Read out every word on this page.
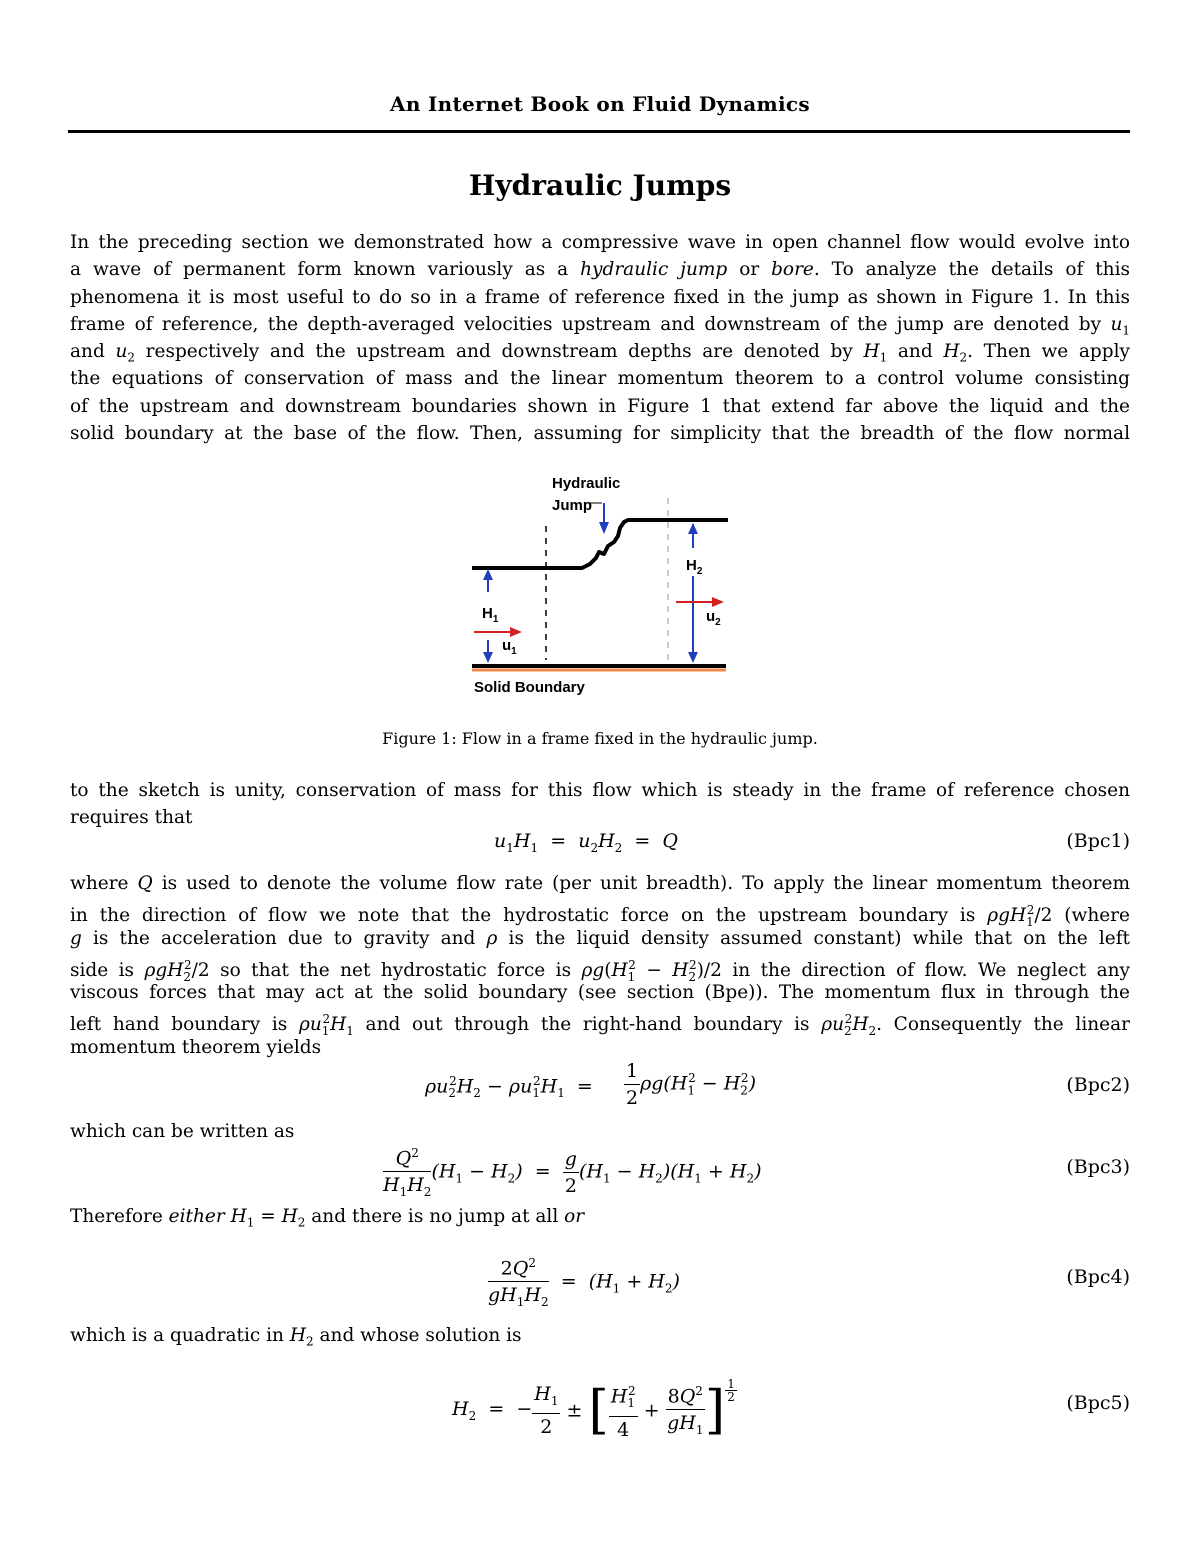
An Internet Book on Fluid Dynamics
Hydraulic Jumps
In the preceding section we demonstrated how a compressive wave in open channel flow would evolve into
a wave of permanent form known variously as a hydraulic jump or bore. To analyze the details of this
phenomena it is most useful to do so in a frame of reference fixed in the jump as shown in Figure 1. In this
frame of reference, the depth-averaged velocities upstream and downstream of the jump are denoted by $u_1$
and $u_2$ respectively and the upstream and downstream depths are denoted by $H_1$ and $H_2$. Then we apply
the equations of conservation of mass and the linear momentum theorem to a control volume consisting
of the upstream and downstream boundaries shown in Figure 1 that extend far above the liquid and the
solid boundary at the base of the flow. Then, assuming for simplicity that the breadth of the flow normal
Hydraulic
Jump
$H_1$
$u_1$
$H_2$
$u_2$
Solid Boundary
Figure 1: Flow in a frame fixed in the hydraulic jump.
to the sketch is unity, conservation of mass for this flow which is steady in the frame of reference chosen
requires that
$u_1H_1 = u_2H_2 = Q$	(Bpc1)
where Q is used to denote the volume flow rate (per unit breadth). To apply the linear momentum theorem
in the direction of flow we note that the hydrostatic force on the upstream boundary is ρgH$_1^2$/2 (where
g is the acceleration due to gravity and ρ is the liquid density assumed constant) while that on the left
side is ρgH$_2^2$/2 so that the net hydrostatic force is $\rho g(H_1^2 - H_2^2)/2$ in the direction of flow. We neglect any
viscous forces that may act at the solid boundary (see section (Bpe)). The momentum flux in through the
left hand boundary is $\rho u_1^2H_1$ and out through the right-hand boundary is $\rho u_2^2H_2$. Consequently the linear
momentum theorem yields
$\rho u_2^2H_2 - \rho u_1^2H_1 = \frac{1}{2} \rho g(H_1^2 - H_2^2)$	(Bpc2)
which can be written as
$\frac{Q^2}{H_1H_2} (H_1 - H_2) = \frac{g}{2} (H_1 - H_2)(H_1 + H_2)$	(Bpc3)
Therefore either $H_1 = H_2$ and there is no jump at all or
$\frac{2Q^2}{gH_1H_2} = (H_1 + H_2)$	(Bpc4)
which is a quadratic in $H_2$ and whose solution is
$H_2$ =  − $\frac{H_1}{2}$ ± [ $\frac{H_1^2}{4} + \frac{8Q^2}{gH_1}$ ] $\frac{1}{2}$	(Bpc5)
